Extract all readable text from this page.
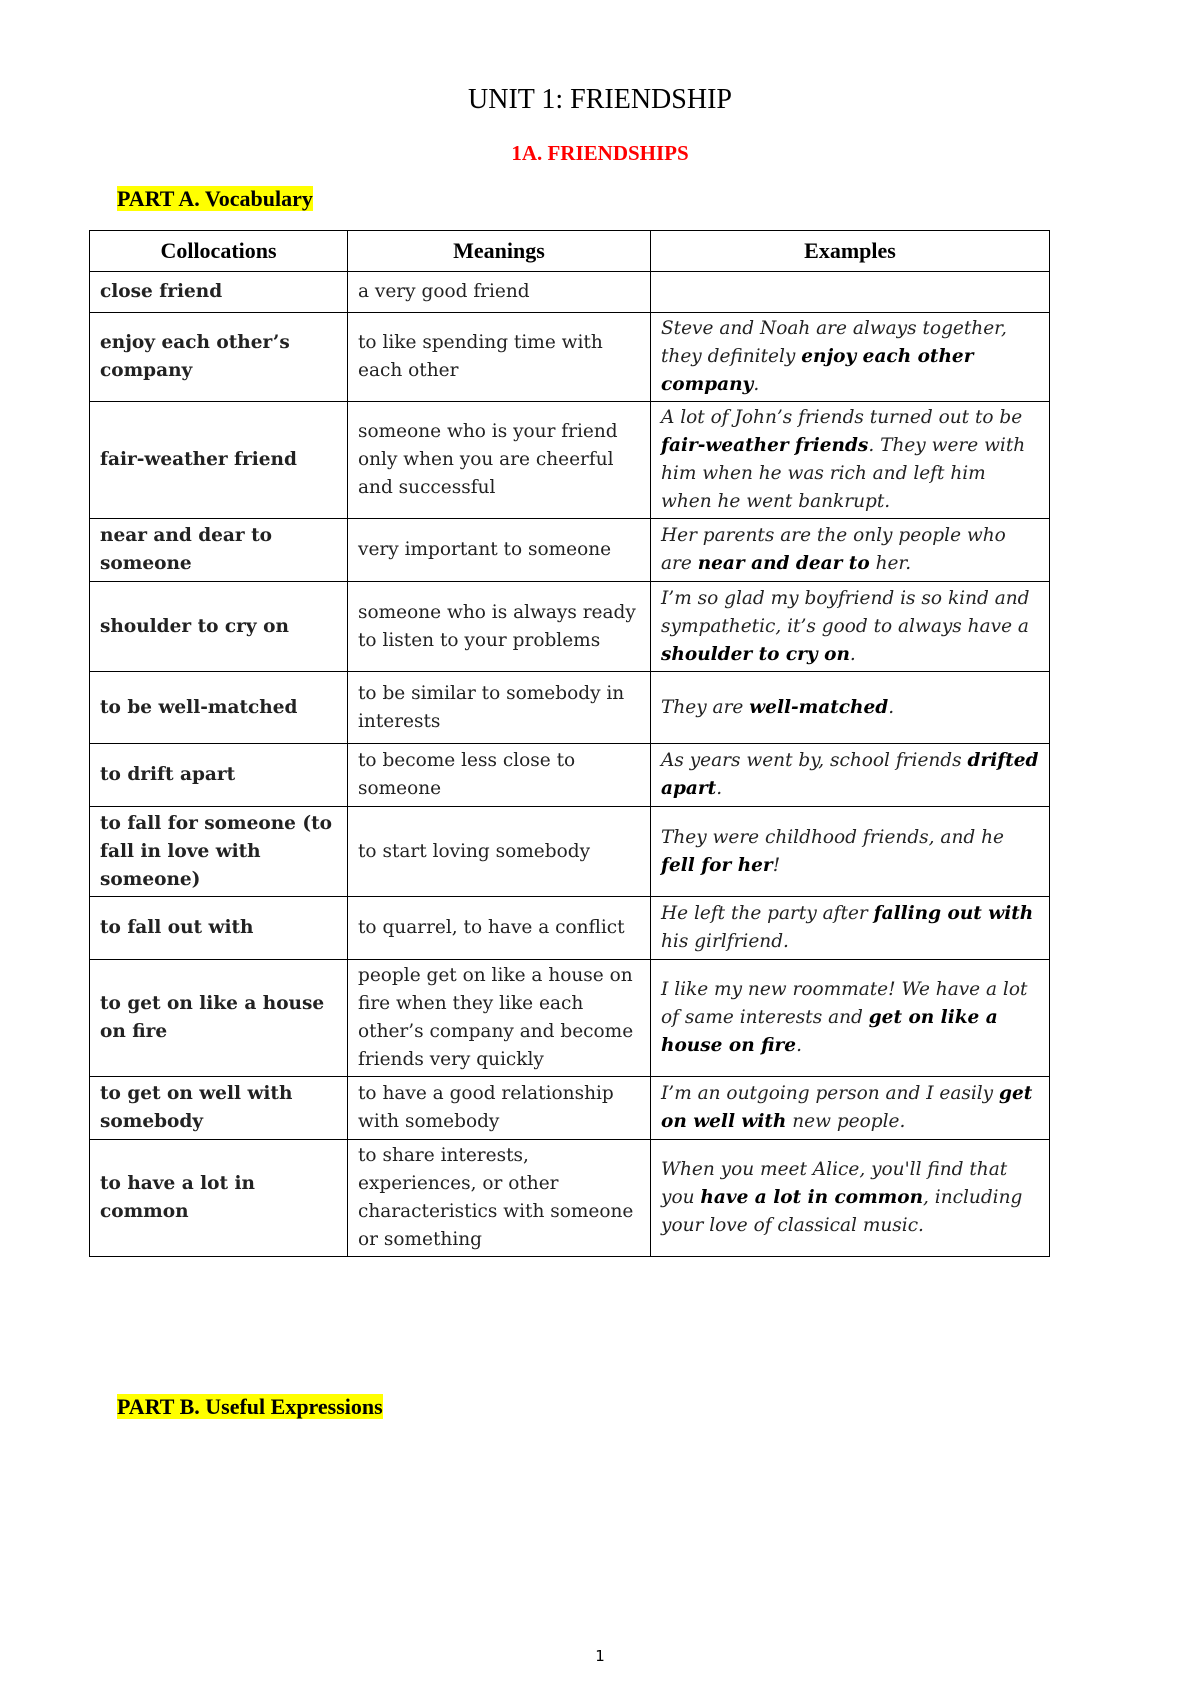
UNIT 1: FRIENDSHIP
1A. FRIENDSHIPS
PART A. Vocabulary
Collocations	Meanings	Examples
close friend	a very good friend	
enjoy each other’s company	to like spending time with each other	Steve and Noah are always together, they definitely enjoy each other company.
fair-weather friend	someone who is your friend only when you are cheerful and successful	A lot of John’s friends turned out to be fair-weather friends. They were with him when he was rich and left him when he went bankrupt.
near and dear to someone	very important to someone	Her parents are the only people who are near and dear to her.
shoulder to cry on	someone who is always ready to listen to your problems	I’m so glad my boyfriend is so kind and sympathetic, it’s good to always have a shoulder to cry on.
to be well-matched	to be similar to somebody in interests	They are well-matched.
to drift apart	to become less close to someone	As years went by, school friends drifted apart.
to fall for someone (to fall in love with someone)	to start loving somebody	They were childhood friends, and he fell for her!
to fall out with	to quarrel, to have a conflict	He left the party after falling out with his girlfriend.
to get on like a house on fire	people get on like a house on fire when they like each other’s company and become friends very quickly	I like my new roommate! We have a lot of same interests and get on like a house on fire.
to get on well with somebody	to have a good relationship with somebody	I’m an outgoing person and I easily get on well with new people.
to have a lot in common	to share interests, experiences, or other characteristics with someone or something	When you meet Alice, you'll find that you have a lot in common, including your love of classical music.
PART B. Useful Expressions
1
